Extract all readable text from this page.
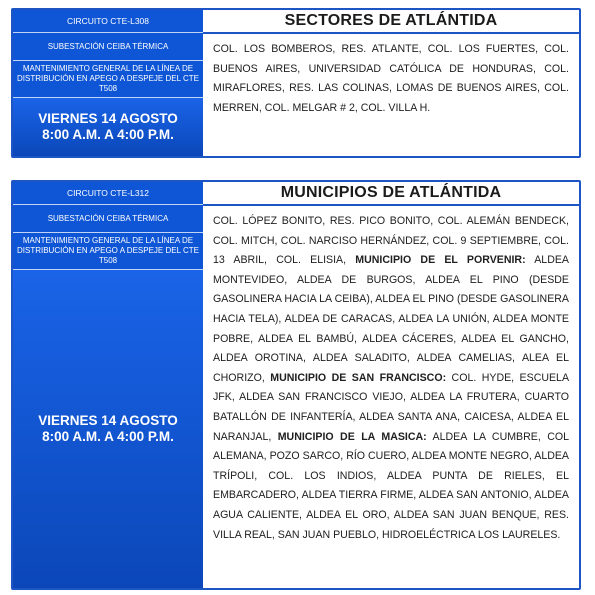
CIRCUITO CTE-L308
SUBESTACIÓN CEIBA TÉRMICA
MANTENIMIENTO GENERAL DE LA LÍNEA DE DISTRIBUCIÓN EN APEGO A DESPEJE DEL CTE T508
VIERNES 14 AGOSTO
8:00 A.M. A 4:00 P.M.
SECTORES DE ATLÁNTIDA
COL. LOS BOMBEROS, RES. ATLANTE, COL. LOS FUERTES, COL. BUENOS AIRES, UNIVERSIDAD CATÓLICA DE HONDURAS, COL. MIRAFLORES, RES. LAS COLINAS, LOMAS DE BUENOS AIRES, COL. MERREN, COL. MELGAR # 2, COL. VILLA H.
CIRCUITO CTE-L312
SUBESTACIÓN CEIBA TÉRMICA
MANTENIMIENTO GENERAL DE LA LÍNEA DE DISTRIBUCIÓN EN APEGO A DESPEJE DEL CTE T508
VIERNES 14 AGOSTO
8:00 A.M. A 4:00 P.M.
MUNICIPIOS DE ATLÁNTIDA
COL. LÓPEZ BONITO, RES. PICO BONITO, COL. ALEMÁN BENDECK, COL. MITCH, COL. NARCISO HERNÁNDEZ, COL. 9 SEPTIEMBRE, COL. 13 ABRIL, COL. ELISIA, MUNICIPIO DE EL PORVENIR: ALDEA MONTEVIDEO, ALDEA DE BURGOS, ALDEA EL PINO (DESDE GASOLINERA HACIA LA CEIBA), ALDEA EL PINO (DESDE GASOLINERA HACIA TELA), ALDEA DE CARACAS, ALDEA LA UNIÓN, ALDEA MONTE POBRE, ALDEA EL BAMBÚ, ALDEA CÁCERES, ALDEA EL GANCHO, ALDEA OROTINA, ALDEA SALADITO, ALDEA CAMELIAS, ALEA EL CHORIZO, MUNICIPIO DE SAN FRANCISCO: COL. HYDE, ESCUELA JFK, ALDEA SAN FRANCISCO VIEJO, ALDEA LA FRUTERA, CUARTO BATALLÓN DE INFANTERÍA, ALDEA SANTA ANA, CAICESA, ALDEA EL NARANJAL, MUNICIPIO DE LA MASICA: ALDEA LA CUMBRE, COL ALEMANA, POZO SARCO, RÍO CUERO, ALDEA MONTE NEGRO, ALDEA TRÍPOLI, COL. LOS INDIOS, ALDEA PUNTA DE RIELES, EL EMBARCADERO, ALDEA TIERRA FIRME, ALDEA SAN ANTONIO, ALDEA AGUA CALIENTE, ALDEA EL ORO, ALDEA SAN JUAN BENQUE, RES. VILLA REAL, SAN JUAN PUEBLO, HIDROELÉCTRICA LOS LAURELES.
